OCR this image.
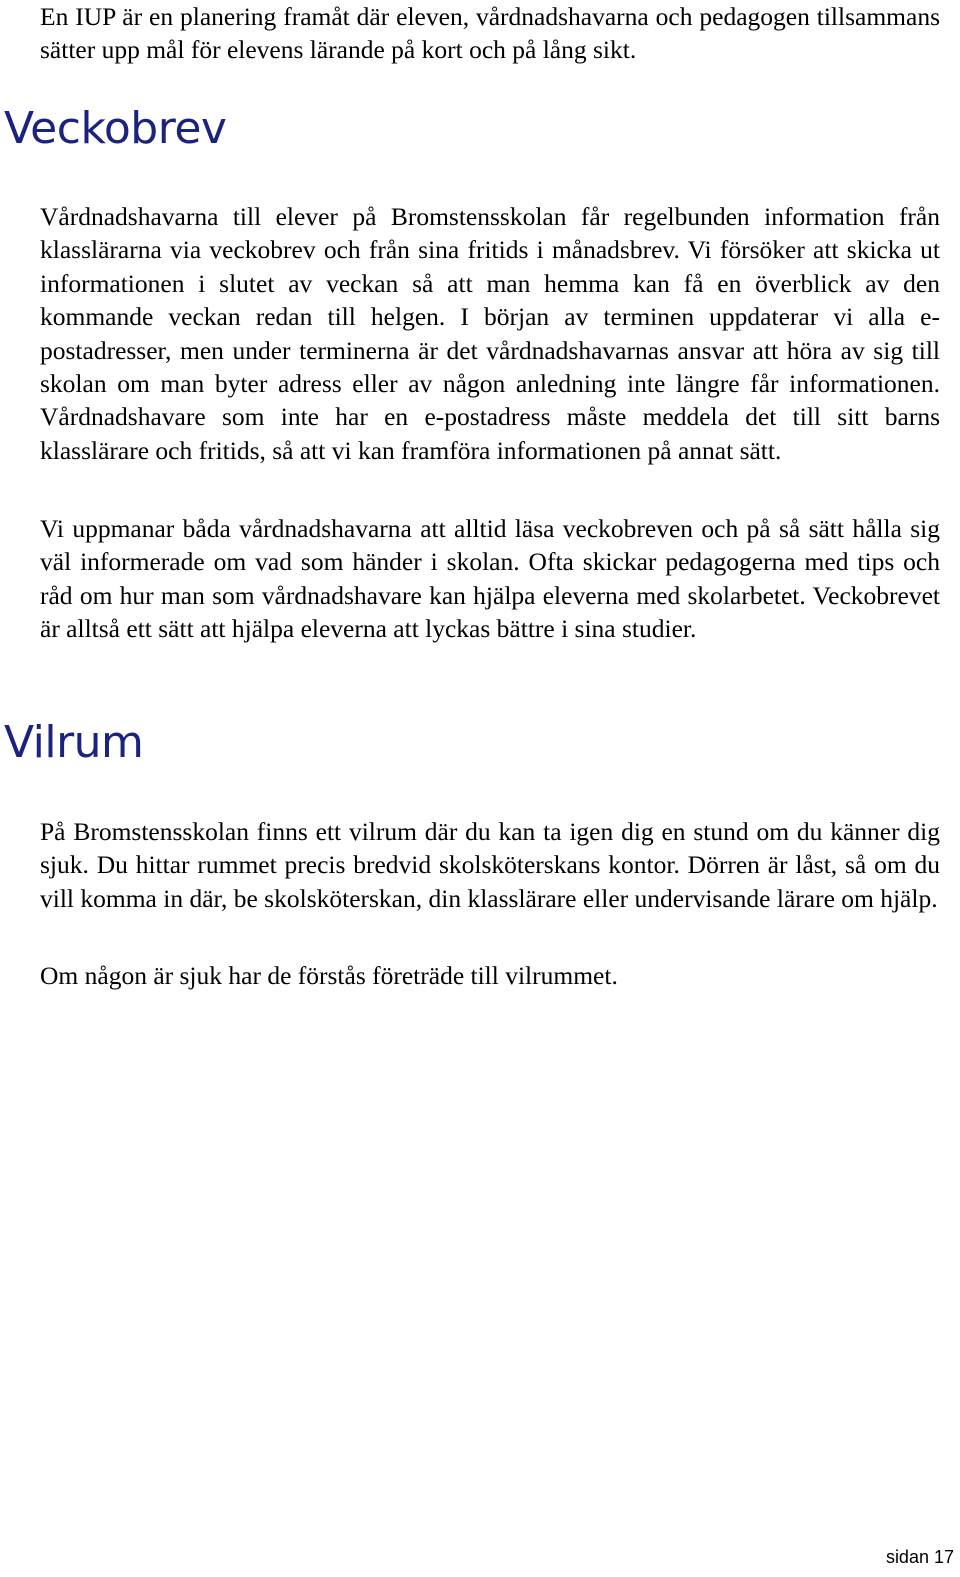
En IUP är en planering framåt där eleven, vårdnadshavarna och pedagogen tillsammans sätter upp mål för elevens lärande på kort och på lång sikt.

Veckobrev

Vårdnadshavarna till elever på Bromstensskolan får regelbunden information från klasslärarna via veckobrev och från sina fritids i månadsbrev. Vi försöker att skicka ut informationen i slutet av veckan så att man hemma kan få en överblick av den kommande veckan redan till helgen. I början av terminen uppdaterar vi alla e-postadresser, men under terminerna är det vårdnadshavarnas ansvar att höra av sig till skolan om man byter adress eller av någon anledning inte längre får informationen. Vårdnadshavare som inte har en e-postadress måste meddela det till sitt barns klasslärare och fritids, så att vi kan framföra informationen på annat sätt.

Vi uppmanar båda vårdnadshavarna att alltid läsa veckobreven och på så sätt hålla sig väl informerade om vad som händer i skolan. Ofta skickar pedagogerna med tips och råd om hur man som vårdnadshavare kan hjälpa eleverna med skolarbetet. Veckobrevet är alltså ett sätt att hjälpa eleverna att lyckas bättre i sina studier.

Vilrum

På Bromstensskolan finns ett vilrum där du kan ta igen dig en stund om du känner dig sjuk. Du hittar rummet precis bredvid skolsköterskans kontor. Dörren är låst, så om du vill komma in där, be skolsköterskan, din klasslärare eller undervisande lärare om hjälp.

Om någon är sjuk har de förstås företräde till vilrummet.

sidan 17
